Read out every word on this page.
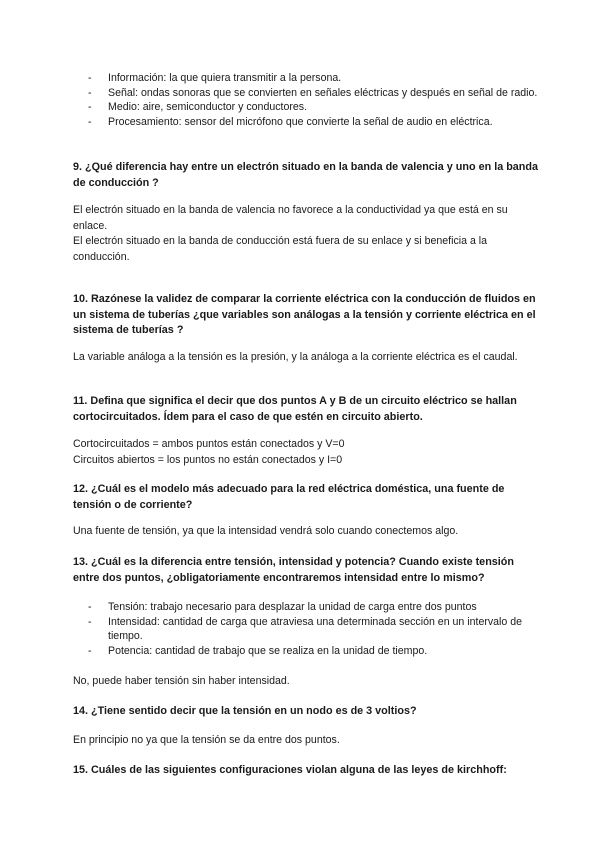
- Información: la que quiera transmitir a la persona.
- Señal: ondas sonoras que se convierten en señales eléctricas y después en señal de radio.
- Medio: aire, semiconductor y conductores.
- Procesamiento: sensor del micrófono que convierte la señal de audio en eléctrica.
9. ¿Qué diferencia hay entre un electrón situado en la banda de valencia y uno en la banda de conducción ?
El electrón situado en la banda de valencia no favorece a la conductividad ya que está en su enlace.
El electrón situado en la banda de conducción está fuera de su enlace y si beneficia a la conducción.
10. Razónese la validez de comparar la corriente eléctrica con la conducción de fluidos en un sistema de tuberías ¿que variables son análogas a la tensión y corriente eléctrica en el sistema de tuberías ?
La variable análoga a la tensión es la presión, y la análoga a la corriente eléctrica es el caudal.
11. Defina que significa el decir que dos puntos A y B de un circuito eléctrico se hallan cortocircuitados. Ídem para el caso de que estén en circuito abierto.
Cortocircuitados = ambos puntos están conectados y V=0
Circuitos abiertos = los puntos no están conectados y I=0
12. ¿Cuál es el modelo más adecuado para la red eléctrica doméstica, una fuente de tensión o de corriente?
Una fuente de tensión, ya que la intensidad vendrá solo cuando conectemos algo.
13. ¿Cuál es la diferencia entre tensión, intensidad y potencia? Cuando existe tensión entre dos puntos, ¿obligatoriamente encontraremos intensidad entre lo mismo?
- Tensión: trabajo necesario para desplazar la unidad de carga entre dos puntos
- Intensidad: cantidad de carga que atraviesa una determinada sección en un intervalo de tiempo.
- Potencia: cantidad de trabajo que se realiza en la unidad de tiempo.
No, puede haber tensión sin haber intensidad.
14. ¿Tiene sentido decir que la tensión en un nodo es de 3 voltios?
En principio no ya que la tensión se da entre dos puntos.
15. Cuáles de las siguientes configuraciones violan alguna de las leyes de kirchhoff:
